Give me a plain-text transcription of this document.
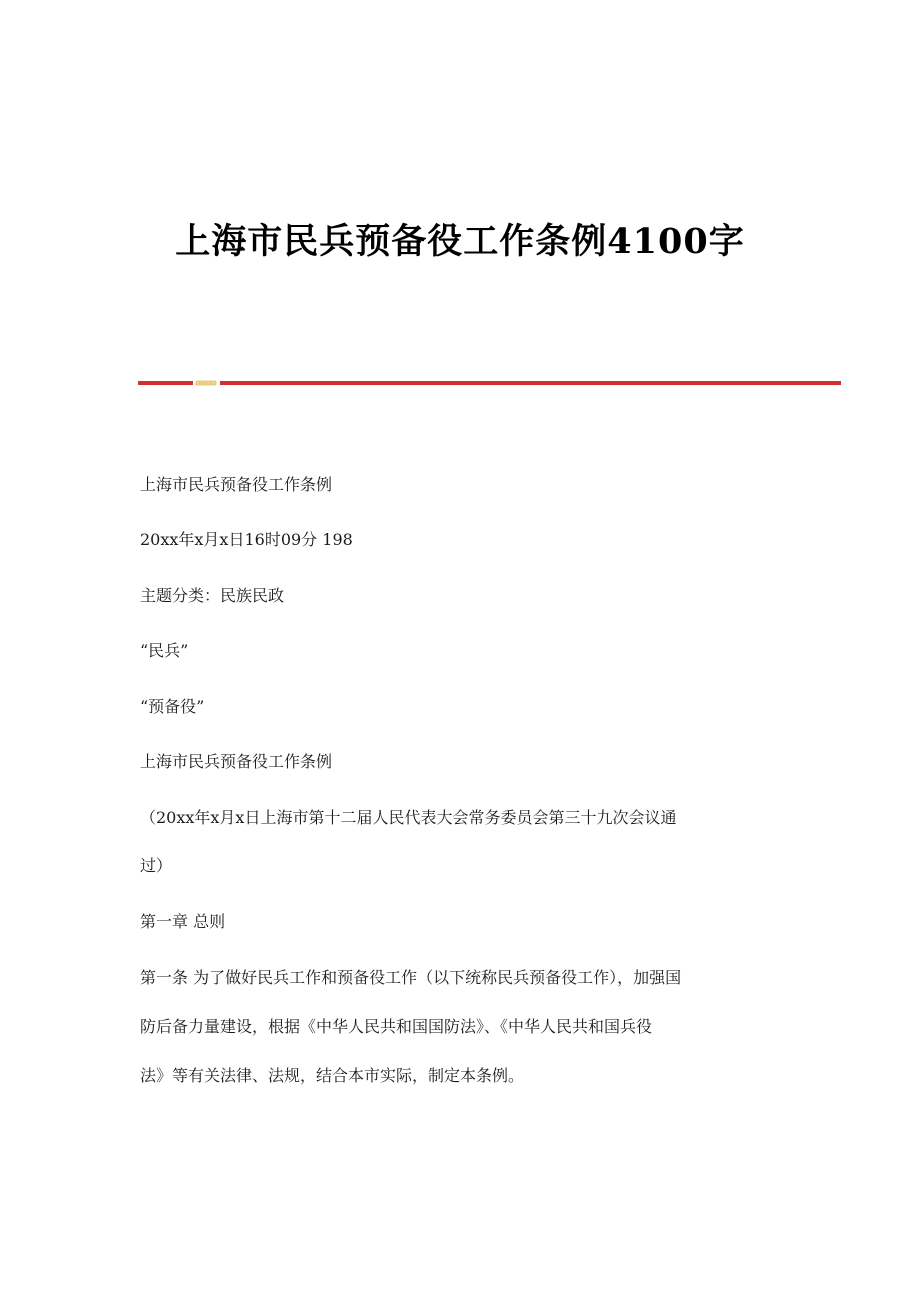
上海市民兵预备役工作条例4100字

上海市民兵预备役工作条例

20xx年x月x日16时09分 198

主题分类：民族民政

“民兵”

“预备役”

上海市民兵预备役工作条例

（20xx年x月x日上海市第十二届人民代表大会常务委员会第三十九次会议通

过）

第一章 总则

第一条 为了做好民兵工作和预备役工作（以下统称民兵预备役工作），加强国

防后备力量建设，根据《中华人民共和国国防法》、《中华人民共和国兵役

法》等有关法律、法规，结合本市实际，制定本条例。
